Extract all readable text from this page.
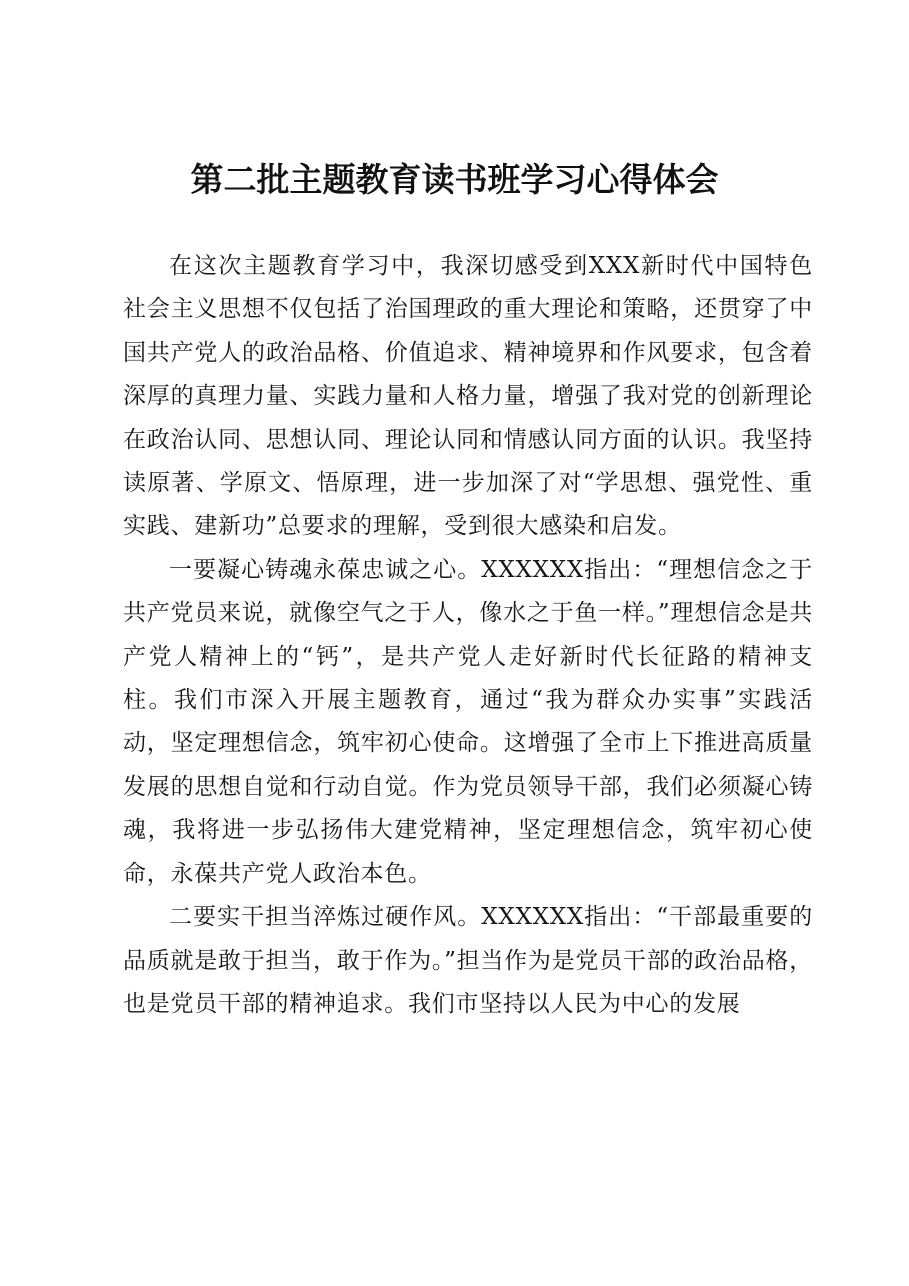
第二批主题教育读书班学习心得体会

在这次主题教育学习中，我深切感受到XXX新时代中国特色社会主义思想不仅包括了治国理政的重大理论和策略，还贯穿了中国共产党人的政治品格、价值追求、精神境界和作风要求，包含着深厚的真理力量、实践力量和人格力量，增强了我对党的创新理论在政治认同、思想认同、理论认同和情感认同方面的认识。我坚持读原著、学原文、悟原理，进一步加深了对“学思想、强党性、重实践、建新功”总要求的理解，受到很大感染和启发。

一要凝心铸魂永葆忠诚之心。XXXXXX指出：“理想信念之于共产党员来说，就像空气之于人，像水之于鱼一样。”理想信念是共产党人精神上的“钙”，是共产党人走好新时代长征路的精神支柱。我们市深入开展主题教育，通过“我为群众办实事”实践活动，坚定理想信念，筑牢初心使命。这增强了全市上下推进高质量发展的思想自觉和行动自觉。作为党员领导干部，我们必须凝心铸魂，我将进一步弘扬伟大建党精神，坚定理想信念，筑牢初心使命，永葆共产党人政治本色。

二要实干担当淬炼过硬作风。XXXXXX指出：“干部最重要的品质就是敢于担当，敢于作为。”担当作为是党员干部的政治品格，也是党员干部的精神追求。我们市坚持以人民为中心的发展
